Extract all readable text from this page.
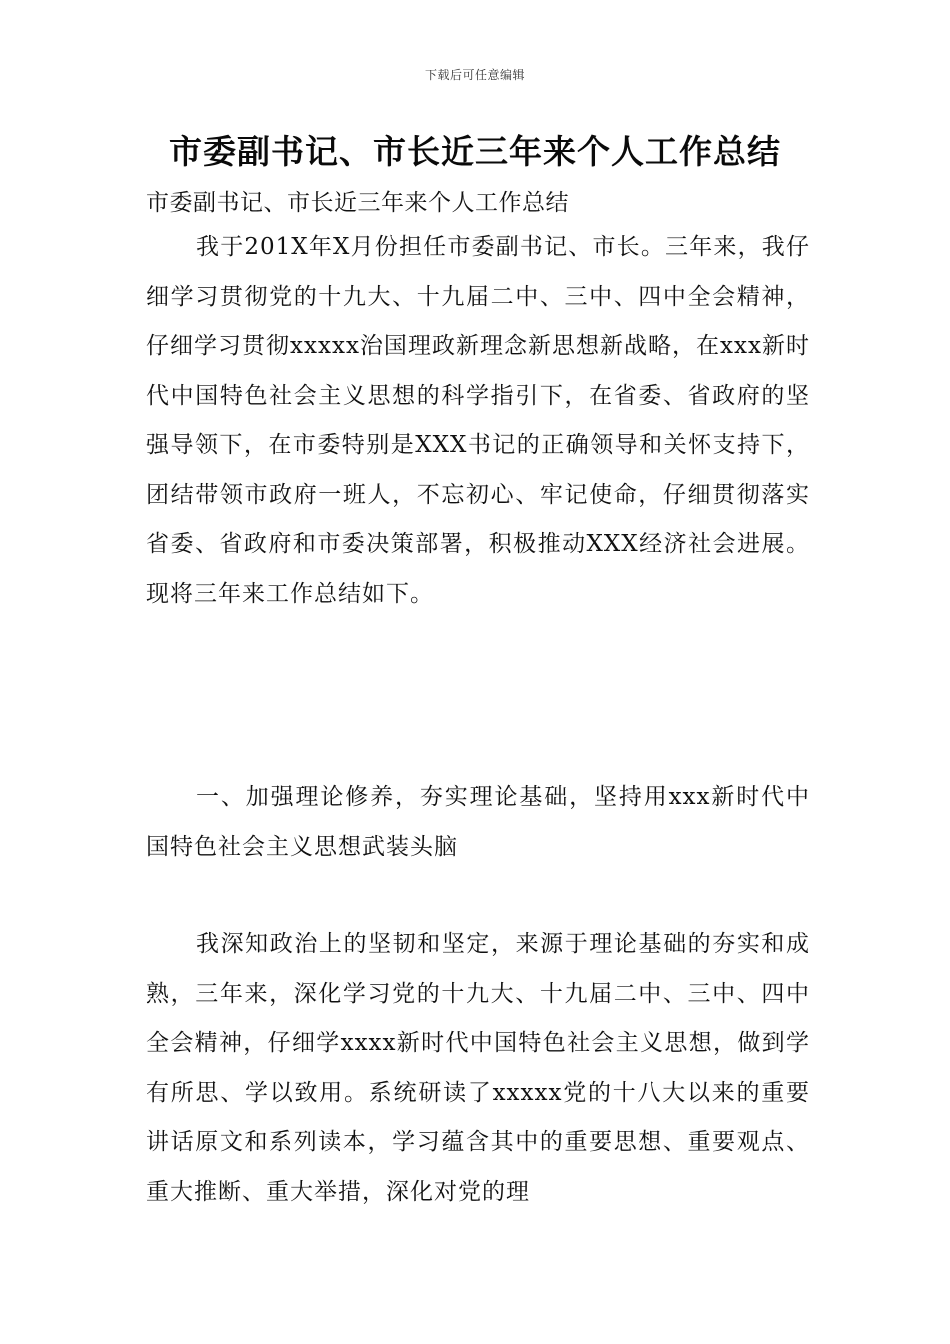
下载后可任意编辑
市委副书记、市长近三年来个人工作总结

市委副书记、市长近三年来个人工作总结

我于201X年X月份担任市委副书记、市长。三年来，我仔细学习贯彻党的十九大、十九届二中、三中、四中全会精神，仔细学习贯彻xxxxx治国理政新理念新思想新战略，在xxx新时代中国特色社会主义思想的科学指引下，在省委、省政府的坚强导领下，在市委特别是XXX书记的正确领导和关怀支持下，团结带领市政府一班人，不忘初心、牢记使命，仔细贯彻落实省委、省政府和市委决策部署，积极推动XXX经济社会进展。现将三年来工作总结如下。

一、加强理论修养，夯实理论基础，坚持用xxx新时代中国特色社会主义思想武装头脑

我深知政治上的坚韧和坚定，来源于理论基础的夯实和成熟，三年来，深化学习党的十九大、十九届二中、三中、四中全会精神，仔细学xxxx新时代中国特色社会主义思想，做到学有所思、学以致用。系统研读了xxxxx党的十八大以来的重要讲话原文和系列读本，学习蕴含其中的重要思想、重要观点、重大推断、重大举措，深化对党的理
